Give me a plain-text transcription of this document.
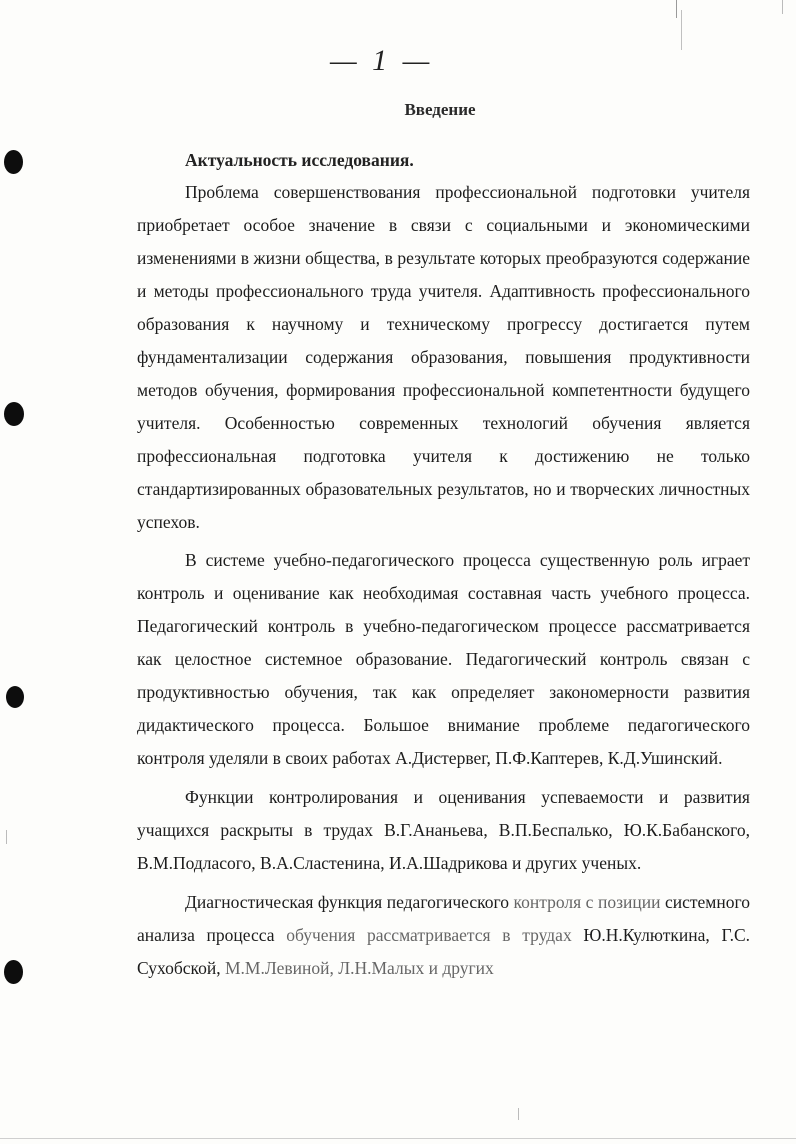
— 1 —
Введение
Актуальность исследования.

Проблема совершенствования профессиональной подготовки учителя приобретает особое значение в связи с социальными и экономическими изменениями в жизни общества, в результате которых преобразуются содержание и методы профессионального труда учителя. Адаптивность профессионального образования к научному и техническому прогрессу достигается путем фундаментализации содержания образования, повышения продуктивности методов обучения, формирования профессиональной компетентности будущего учителя. Особенностью современных технологий обучения является профессиональная подготовка учителя к достижению не только стандартизированных образовательных результатов, но и творческих личностных успехов.

В системе учебно-педагогического процесса существенную роль играет контроль и оценивание как необходимая составная часть учебного процесса. Педагогический контроль в учебно-педагогическом процессе рассматривается как целостное системное образование. Педагогический контроль связан с продуктивностью обучения, так как определяет закономерности развития дидактического процесса. Большое внимание проблеме педагогического контроля уделяли в своих работах А.Дистервег, П.Ф.Каптерев, К.Д.Ушинский.

Функции контролирования и оценивания успеваемости и развития учащихся раскрыты в трудах В.Г.Ананьева, В.П.Беспалько, Ю.К.Бабанского, В.М.Подласого, В.А.Сластенина, И.А.Шадрикова и других ученых.

Диагностическая функция педагогического контроля с позиции системного анализа процесса обучения рассматривается в трудах Ю.Н.Кулюткина, Г.С. Сухобской, М.М.Левиной, Л.Н.Малых и других
